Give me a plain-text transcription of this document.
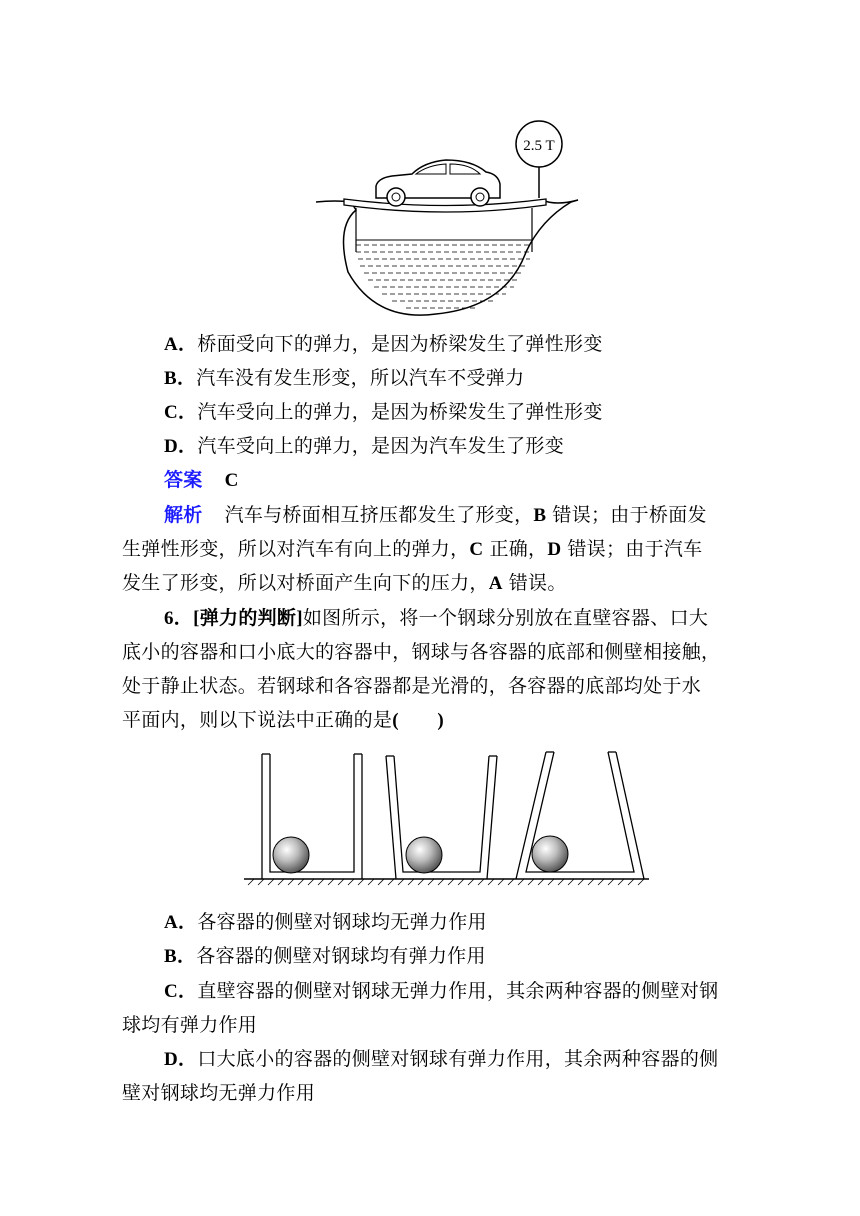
2.5 T
A．桥面受向下的弹力，是因为桥梁发生了弹性形变
B．汽车没有发生形变，所以汽车不受弹力
C．汽车受向上的弹力，是因为桥梁发生了弹性形变
D．汽车受向上的弹力，是因为汽车发生了形变
答案 C
解析 汽车与桥面相互挤压都发生了形变，B 错误；由于桥面发
生弹性形变，所以对汽车有向上的弹力，C 正确，D 错误；由于汽车
发生了形变，所以对桥面产生向下的压力，A 错误。
6．[弹力的判断]如图所示，将一个钢球分别放在直壁容器、口大
底小的容器和口小底大的容器中，钢球与各容器的底部和侧壁相接触，
处于静止状态。若钢球和各容器都是光滑的，各容器的底部均处于水
平面内，则以下说法中正确的是(　　)
A．各容器的侧壁对钢球均无弹力作用
B．各容器的侧壁对钢球均有弹力作用
C．直壁容器的侧壁对钢球无弹力作用，其余两种容器的侧壁对钢
球均有弹力作用
D．口大底小的容器的侧壁对钢球有弹力作用，其余两种容器的侧
壁对钢球均无弹力作用
